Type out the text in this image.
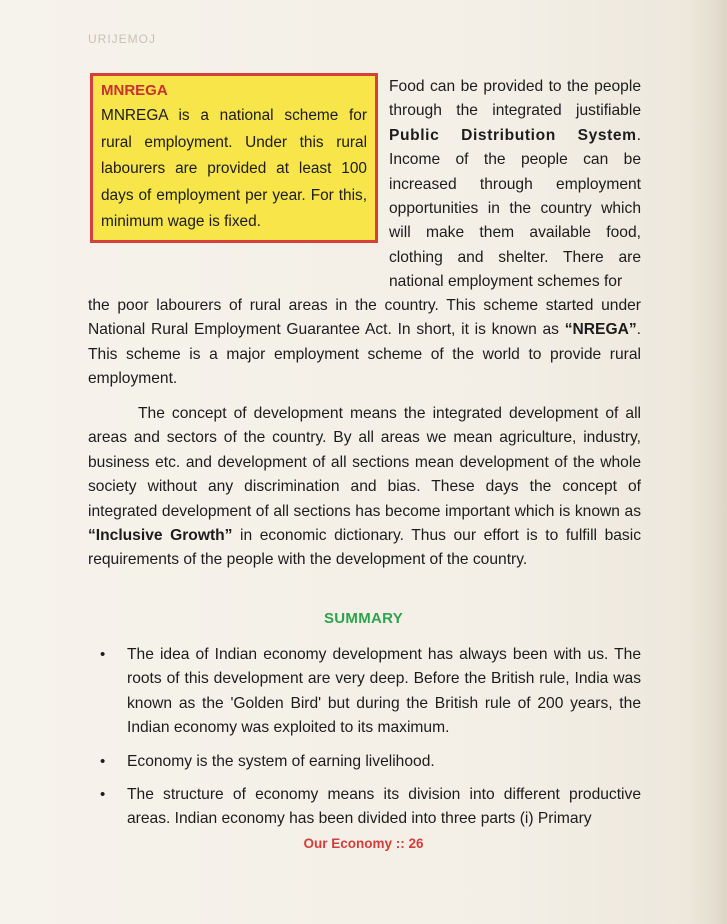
URIJEMOJ
MNREGA
MNREGA is a national scheme for rural employment. Under this rural labourers are provided at least 100 days of employment per year. For this, minimum wage is fixed.

Food can be provided to the people through the integrated justifiable Public Distribution System. Income of the people can be increased through employment opportunities in the country which will make them available food, clothing and shelter. There are national employment schemes for

the poor labourers of rural areas in the country. This scheme started under National Rural Employment Guarantee Act. In short, it is known as “NREGA”. This scheme is a major employment scheme of the world to provide rural employment.

The concept of development means the integrated development of all areas and sectors of the country. By all areas we mean agriculture, industry, business etc. and development of all sections mean development of the whole society without any discrimination and bias. These days the concept of integrated development of all sections has become important which is known as “Inclusive Growth” in economic dictionary. Thus our effort is to fulfill basic requirements of the people with the development of the country.

SUMMARY
• The idea of Indian economy development has always been with us. The roots of this development are very deep. Before the British rule, India was known as the 'Golden Bird' but during the British rule of 200 years, the Indian economy was exploited to its maximum.
• Economy is the system of earning livelihood.
• The structure of economy means its division into different productive areas. Indian economy has been divided into three parts (i) Primary
Our Economy :: 26
